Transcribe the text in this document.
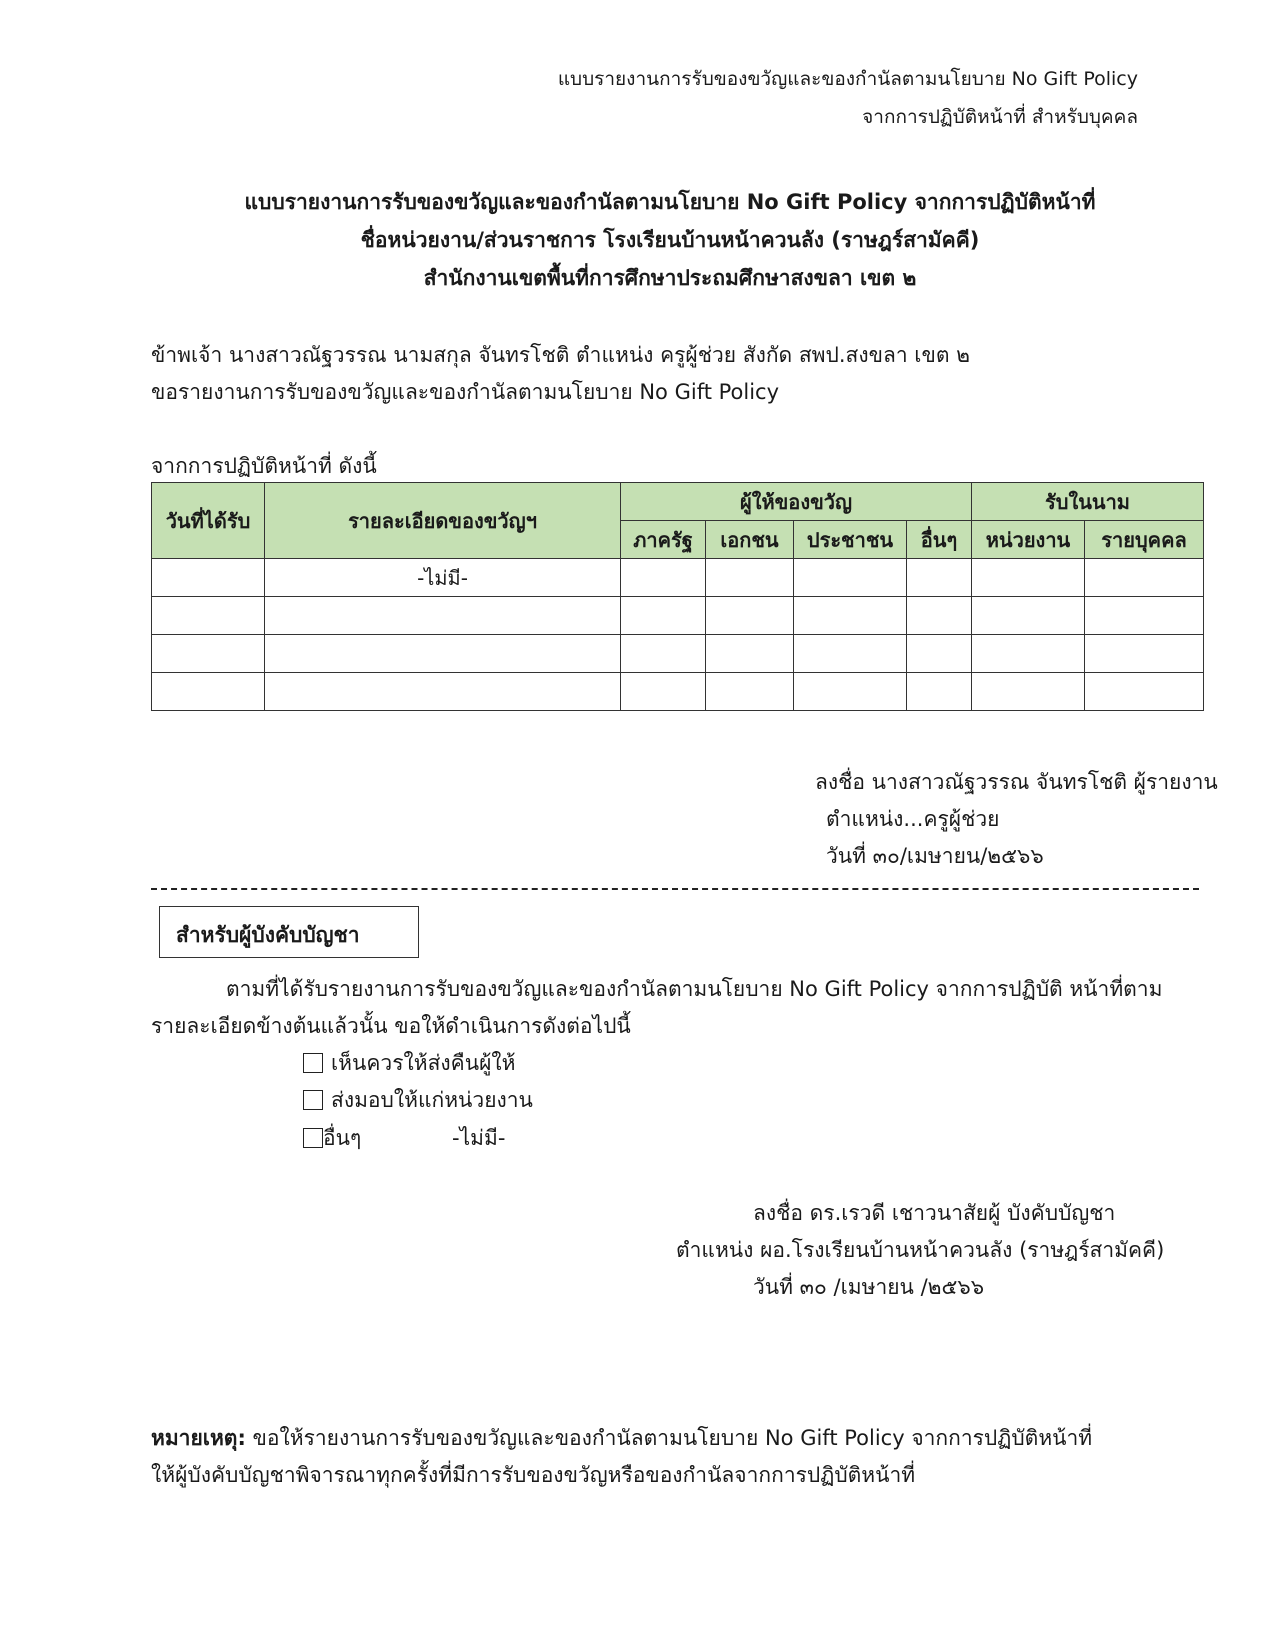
แบบรายงานการรับของขวัญและของกำนัลตามนโยบาย No Gift Policy
จากการปฏิบัติหน้าที่ สำหรับบุคคล
แบบรายงานการรับของขวัญและของกำนัลตามนโยบาย No Gift Policy จากการปฏิบัติหน้าที่
ชื่อหน่วยงาน/ส่วนราชการ โรงเรียนบ้านหน้าควนลัง (ราษฎร์สามัคคี)
สำนักงานเขตพื้นที่การศึกษาประถมศึกษาสงขลา เขต ๒
ข้าพเจ้า นางสาวณัฐวรรณ นามสกุล จันทรโชติ ตำแหน่ง ครูผู้ช่วย สังกัด สพป.สงขลา เขต ๒
ขอรายงานการรับของขวัญและของกำนัลตามนโยบาย No Gift Policy
จากการปฏิบัติหน้าที่ ดังนี้
วันที่ได้รับ	รายละเอียดของขวัญฯ	ผู้ให้ของขวัญ				รับในนาม	
		ภาครัฐ	เอกชน	ประชาชน	อื่นๆ	หน่วยงาน	รายบุคคล
	-ไม่มี-						

ลงชื่อ นางสาวณัฐวรรณ จันทรโชติ ผู้รายงาน
ตำแหน่ง...ครูผู้ช่วย
วันที่ ๓๐/เมษายน/๒๕๖๖
สำหรับผู้บังคับบัญชา
ตามที่ได้รับรายงานการรับของขวัญและของกำนัลตามนโยบาย No Gift Policy จากการปฏิบัติ หน้าที่ตาม
รายละเอียดข้างต้นแล้วนั้น ขอให้ดำเนินการดังต่อไปนี้
เห็นควรให้ส่งคืนผู้ให้
ส่งมอบให้แก่หน่วยงาน
อื่นๆ	-ไม่มี-
ลงชื่อ ดร.เรวดี เชาวนาสัยผู้ บังคับบัญชา
ตำแหน่ง ผอ.โรงเรียนบ้านหน้าควนลัง (ราษฎร์สามัคคี)
วันที่ ๓๐ /เมษายน /๒๕๖๖
หมายเหตุ: ขอให้รายงานการรับของขวัญและของกำนัลตามนโยบาย No Gift Policy จากการปฏิบัติหน้าที่
ให้ผู้บังคับบัญชาพิจารณาทุกครั้งที่มีการรับของขวัญหรือของกำนัลจากการปฏิบัติหน้าที่
